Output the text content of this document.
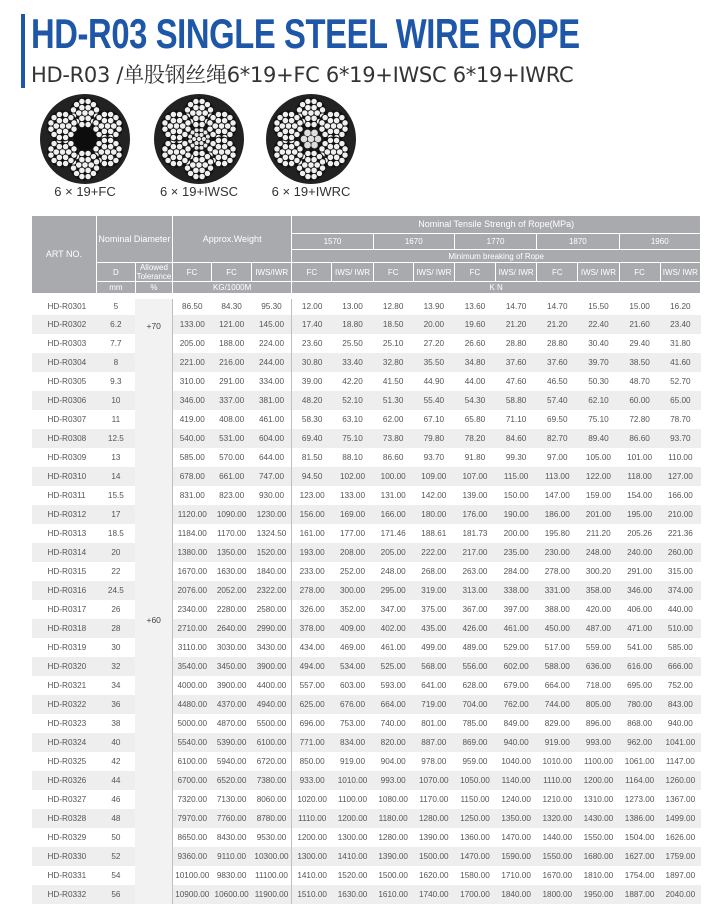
HD-R03 SINGLE STEEL WIRE ROPE
HD-R03 /单股钢丝绳6*19+FC 6*19+IWSC 6*19+IWRC
6 × 19+FC	6 × 19+IWSC	6 × 19+IWRC
ART NO.	Nominal Diameter		Approx.Weight			Nominal Tensile Strengh of Rope(MPa)									
						1570		1670		1770		1870		1960	
						Minimum breaking of Rope									
	D	Allowed Tolerance	FC	FC	IWS/IWR	FC	IWS/ IWR	FC	IWS/ IWR	FC	IWS/ IWR	FC	IWS/ IWR	FC	IWS/ IWR
	mm	%	KG/1000M			K N									
HD-R0301	5	+70	86.50	84.30	95.30	12.00	13.00	12.80	13.90	13.60	14.70	14.70	15.50	15.00	16.20
HD-R0302	6.2		133.00	121.00	145.00	17.40	18.80	18.50	20.00	19.60	21.20	21.20	22.40	21.60	23.40
HD-R0303	7.7		205.00	188.00	224.00	23.60	25.50	25.10	27.20	26.60	28.80	28.80	30.40	29.40	31.80
HD-R0304	8	+60	221.00	216.00	244.00	30.80	33.40	32.80	35.50	34.80	37.60	37.60	39.70	38.50	41.60
HD-R0305	9.3		310.00	291.00	334.00	39.00	42.20	41.50	44.90	44.00	47.60	46.50	50.30	48.70	52.70
HD-R0306	10		346.00	337.00	381.00	48.20	52.10	51.30	55.40	54.30	58.80	57.40	62.10	60.00	65.00
HD-R0307	11		419.00	408.00	461.00	58.30	63.10	62.00	67.10	65.80	71.10	69.50	75.10	72.80	78.70
HD-R0308	12.5		540.00	531.00	604.00	69.40	75.10	73.80	79.80	78.20	84.60	82.70	89.40	86.60	93.70
HD-R0309	13		585.00	570.00	644.00	81.50	88.10	86.60	93.70	91.80	99.30	97.00	105.00	101.00	110.00
HD-R0310	14		678.00	661.00	747.00	94.50	102.00	100.00	109.00	107.00	115.00	113.00	122.00	118.00	127.00
HD-R0311	15.5		831.00	823.00	930.00	123.00	133.00	131.00	142.00	139.00	150.00	147.00	159.00	154.00	166.00
HD-R0312	17		1120.00	1090.00	1230.00	156.00	169.00	166.00	180.00	176.00	190.00	186.00	201.00	195.00	210.00
HD-R0313	18.5		1184.00	1170.00	1324.50	161.00	177.00	171.46	188.61	181.73	200.00	195.80	211.20	205.26	221.36
HD-R0314	20		1380.00	1350.00	1520.00	193.00	208.00	205.00	222.00	217.00	235.00	230.00	248.00	240.00	260.00
HD-R0315	22		1670.00	1630.00	1840.00	233.00	252.00	248.00	268.00	263.00	284.00	278.00	300.20	291.00	315.00
HD-R0316	24.5		2076.00	2052.00	2322.00	278.00	300.00	295.00	319.00	313.00	338.00	331.00	358.00	346.00	374.00
HD-R0317	26		2340.00	2280.00	2580.00	326.00	352.00	347.00	375.00	367.00	397.00	388.00	420.00	406.00	440.00
HD-R0318	28		2710.00	2640.00	2990.00	378.00	409.00	402.00	435.00	426.00	461.00	450.00	487.00	471.00	510.00
HD-R0319	30		3110.00	3030.00	3430.00	434.00	469.00	461.00	499.00	489.00	529.00	517.00	559.00	541.00	585.00
HD-R0320	32		3540.00	3450.00	3900.00	494.00	534.00	525.00	568.00	556.00	602.00	588.00	636.00	616.00	666.00
HD-R0321	34		4000.00	3900.00	4400.00	557.00	603.00	593.00	641.00	628.00	679.00	664.00	718.00	695.00	752.00
HD-R0322	36		4480.00	4370.00	4940.00	625.00	676.00	664.00	719.00	704.00	762.00	744.00	805.00	780.00	843.00
HD-R0323	38		5000.00	4870.00	5500.00	696.00	753.00	740.00	801.00	785.00	849.00	829.00	896.00	868.00	940.00
HD-R0324	40		5540.00	5390.00	6100.00	771.00	834.00	820.00	887.00	869.00	940.00	919.00	993.00	962.00	1041.00
HD-R0325	42		6100.00	5940.00	6720.00	850.00	919.00	904.00	978.00	959.00	1040.00	1010.00	1100.00	1061.00	1147.00
HD-R0326	44		6700.00	6520.00	7380.00	933.00	1010.00	993.00	1070.00	1050.00	1140.00	1110.00	1200.00	1164.00	1260.00
HD-R0327	46		7320.00	7130.00	8060.00	1020.00	1100.00	1080.00	1170.00	1150.00	1240.00	1210.00	1310.00	1273.00	1367.00
HD-R0328	48		7970.00	7760.00	8780.00	1110.00	1200.00	1180.00	1280.00	1250.00	1350.00	1320.00	1430.00	1386.00	1499.00
HD-R0329	50		8650.00	8430.00	9530.00	1200.00	1300.00	1280.00	1390.00	1360.00	1470.00	1440.00	1550.00	1504.00	1626.00
HD-R0330	52		9360.00	9110.00	10300.00	1300.00	1410.00	1390.00	1500.00	1470.00	1590.00	1550.00	1680.00	1627.00	1759.00
HD-R0331	54		10100.00	9830.00	11100.00	1410.00	1520.00	1500.00	1620.00	1580.00	1710.00	1670.00	1810.00	1754.00	1897.00
HD-R0332	56		10900.00	10600.00	11900.00	1510.00	1630.00	1610.00	1740.00	1700.00	1840.00	1800.00	1950.00	1887.00	2040.00
